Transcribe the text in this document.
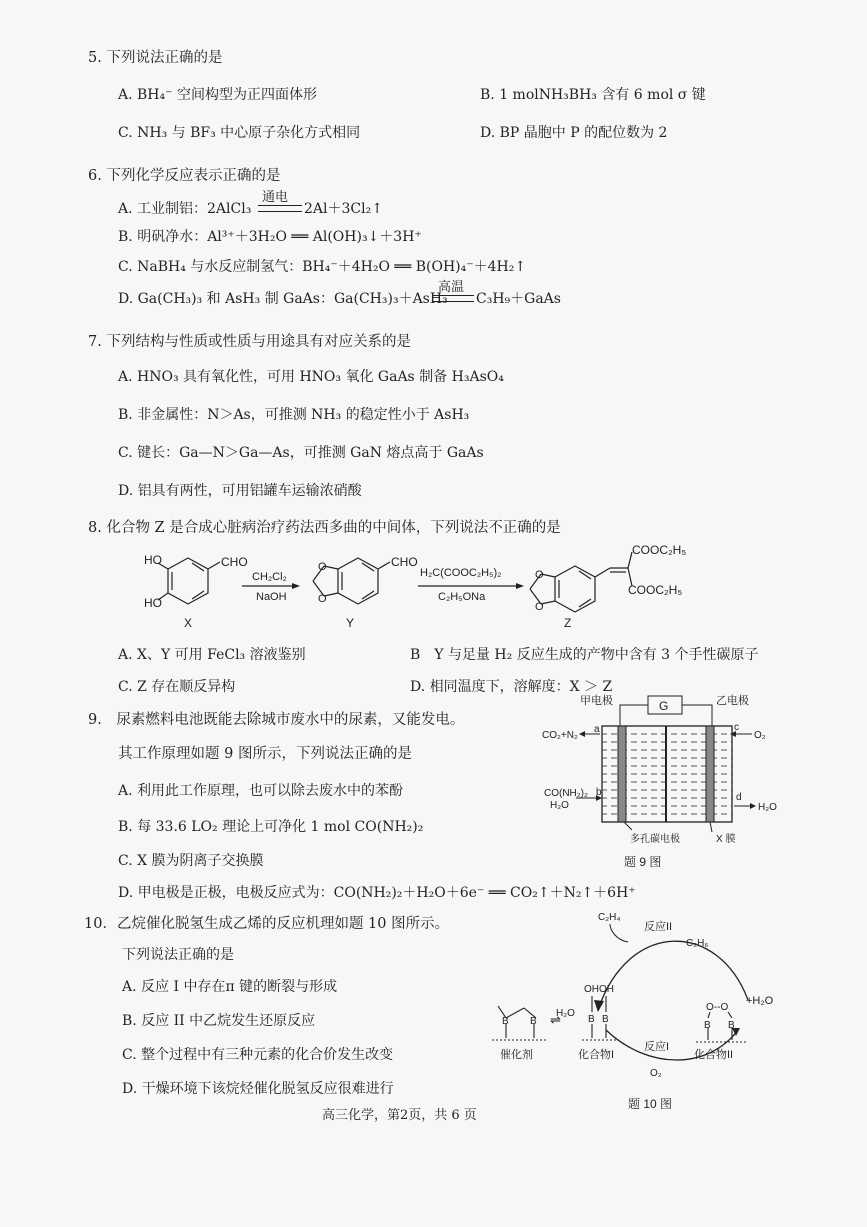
5. 下列说法正确的是
A. BH₄⁻ 空间构型为正四面体形	B. 1 molNH₃BH₃ 含有 6 mol σ 键
C. NH₃ 与 BF₃ 中心原子杂化方式相同	D. BP 晶胞中 P 的配位数为 2
6. 下列化学反应表示正确的是
A. 工业制铝：2AlCl₃
通电
2Al＋3Cl₂↑
B. 明矾净水：Al³⁺＋3H₂O ══ Al(OH)₃↓＋3H⁺
C. NaBH₄ 与水反应制氢气：BH₄⁻＋4H₂O ══ B(OH)₄⁻＋4H₂↑
D. Ga(CH₃)₃ 和 AsH₃ 制 GaAs：Ga(CH₃)₃＋AsH₃
高温
C₃H₉＋GaAs
7. 下列结构与性质或性质与用途具有对应关系的是
A. HNO₃ 具有氧化性，可用 HNO₃ 氧化 GaAs 制备 H₃AsO₄
B. 非金属性：N＞As，可推测 NH₃ 的稳定性小于 AsH₃
C. 键长：Ga—N＞Ga—As，可推测 GaN 熔点高于 GaAs
D. 铝具有两性，可用铝罐车运输浓硝酸
8. 化合物 Z 是合成心脏病治疗药法西多曲的中间体，下列说法不正确的是
HO
HO
CHO
X
CH₂Cl₂
NaOH
O
O
CHO
Y
H₂C(COOC₂H₅)₂
C₂H₅ONa
O
O
COOC₂H₅
COOC₂H₅
Z
A. X、Y 可用 FeCl₃ 溶液鉴别	B　Y 与足量 H₂ 反应生成的产物中含有 3 个手性碳原子
C. Z 存在顺反异构	D. 相同温度下，溶解度：X ＞ Z
9.　尿素燃料电池既能去除城市废水中的尿素，又能发电。
其工作原理如题 9 图所示，下列说法正确的是
A. 利用此工作原理，也可以除去废水中的苯酚
B. 每 33.6 LO₂ 理论上可净化 1 mol CO(NH₂)₂
C. X 膜为阴离子交换膜
D. 甲电极是正极，电极反应式为：CO(NH₂)₂＋H₂O＋6e⁻ ══ CO₂↑＋N₂↑＋6H⁺
G
甲电极	乙电极
CO₂+N₂
a
CO(NH₂)₂
H₂O
b
O₂
c
H₂O
d
多孔碳电极	X 膜
题 9 图
10．乙烷催化脱氢生成乙烯的反应机理如题 10 图所示。
下列说法正确的是
A. 反应 I 中存在π 键的断裂与形成
B. 反应 II 中乙烷发生还原反应
C. 整个过程中有三种元素的化合价发生改变
D. 干燥环境下该烷烃催化脱氢反应很难进行
C₂H₄
反应II
C₂H₆
OHOH
H₂O
⇌
O--O
+H₂O
B B	B B
B B
催化剂	化合物I
反应I
化合物II
O₂
题 10 图
高三化学，第2页，共 6 页
